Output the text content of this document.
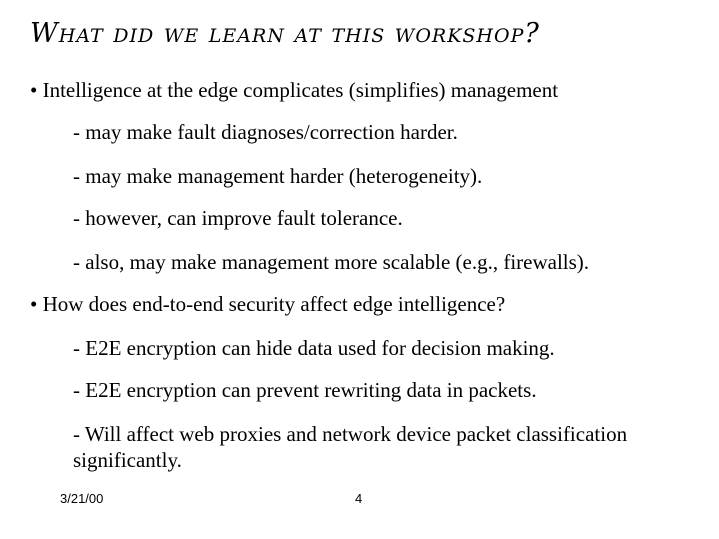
What did we learn at this workshop?
• Intelligence at the edge complicates (simplifies) management
- may make fault diagnoses/correction harder.
- may make management harder (heterogeneity).
- however, can improve fault tolerance.
- also, may make management more scalable (e.g., firewalls).
• How does end-to-end security affect edge intelligence?
- E2E encryption can hide data used for decision making.
- E2E encryption can prevent rewriting data in packets.
- Will affect web proxies and network device packet classification significantly.
3/21/00	4
